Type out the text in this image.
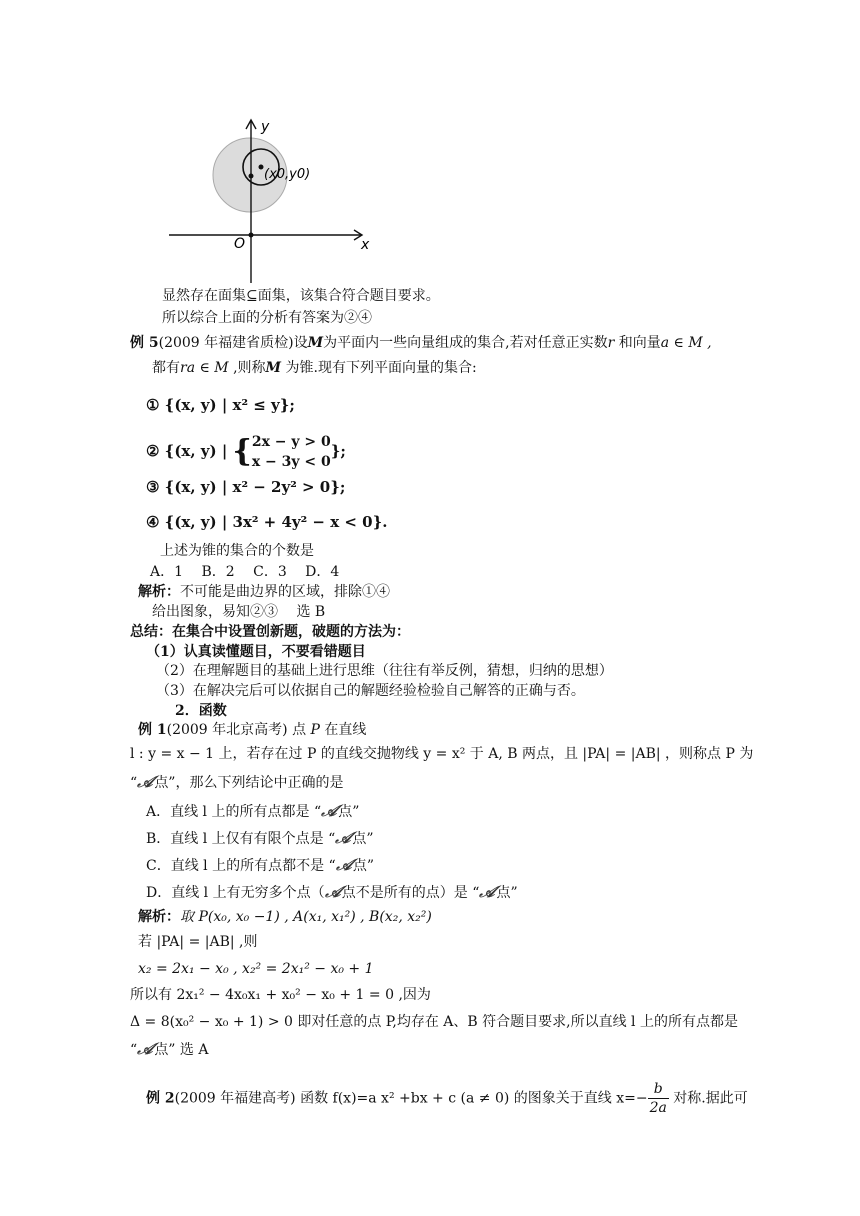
y
x
O
(x0,y0)
显然存在面集⊆面集，该集合符合题目要求。
所以综合上面的分析有答案为②④
例 5(2009 年福建省质检)设M为平面内一些向量组成的集合,若对任意正实数r 和向量a ∈ M ,
都有ra ∈ M ,则称M 为锥.现有下列平面向量的集合:
① {(x, y) | x² ≤ y};
② {(x, y) | { 2x − y > 0
x − 3y < 0
};
③ {(x, y) | x² − 2y² > 0};
④ {(x, y) | 3x² + 4y² − x < 0}.
上述为锥的集合的个数是
A．1　 B．2　 C．3　 D．4
解析：不可能是曲边界的区域，排除①④
给出图象，易知②③　 选 B
总结：在集合中设置创新题，破题的方法为：
（1）认真读懂题目，不要看错题目
（2）在理解题目的基础上进行思维（往往有举反例，猜想，归纳的思想）
（3）在解决完后可以依据自己的解题经验检验自己解答的正确与否。
2．函数
例 1(2009 年北京高考) 点 P 在直线
l : y = x − 1 上，若存在过 P 的直线交抛物线 y = x² 于 A, B 两点，且 |PA| = |AB| ，则称点 P 为
“𝒜点”，那么下列结论中正确的是
A．直线 l 上的所有点都是 “𝒜点”
B．直线 l 上仅有有限个点是 “𝒜点”
C．直线 l 上的所有点都不是 “𝒜点”
D．直线 l 上有无穷多个点（𝒜点不是所有的点）是 “𝒜点”
解析：取 P(x₀, x₀ −1) , A(x₁, x₁²) , B(x₂, x₂²)
若 |PA| = |AB| ,则
x₂ = 2x₁ − x₀ , x₂² = 2x₁² − x₀ + 1
所以有 2x₁² − 4x₀x₁ + x₀² − x₀ + 1 = 0 ,因为
Δ = 8(x₀² − x₀ + 1) > 0 即对任意的点 P,均存在 A、B 符合题目要求,所以直线 l 上的所有点都是
“𝒜点” 选 A
例 2(2009 年福建高考) 函数 f(x)=a x² +bx + c (a ≠ 0) 的图象关于直线 $x=- \frac{b}{2a}$ 对称.据此可
